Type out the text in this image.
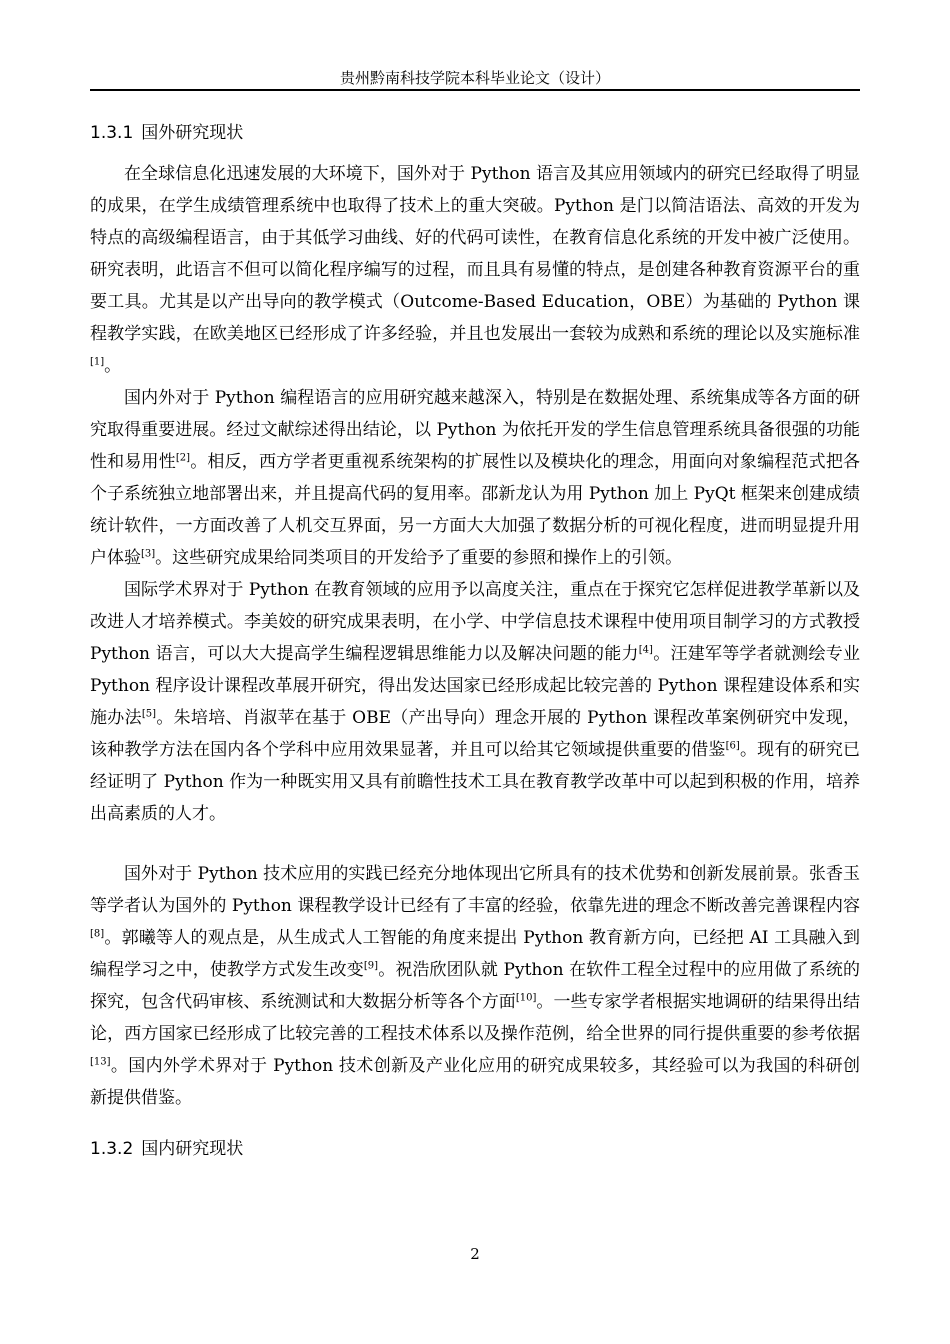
贵州黔南科技学院本科毕业论文（设计）
1.3.1 国外研究现状

在全球信息化迅速发展的大环境下，国外对于 Python 语言及其应用领域内的研究已经取得了明显的成果，在学生成绩管理系统中也取得了技术上的重大突破。Python 是门以简洁语法、高效的开发为特点的高级编程语言，由于其低学习曲线、好的代码可读性，在教育信息化系统的开发中被广泛使用。研究表明，此语言不但可以简化程序编写的过程，而且具有易懂的特点，是创建各种教育资源平台的重要工具。尤其是以产出导向的教学模式（Outcome-Based Education，OBE）为基础的 Python 课程教学实践，在欧美地区已经形成了许多经验，并且也发展出一套较为成熟和系统的理论以及实施标准[1]。

国内外对于 Python 编程语言的应用研究越来越深入，特别是在数据处理、系统集成等各方面的研究取得重要进展。经过文献综述得出结论，以 Python 为依托开发的学生信息管理系统具备很强的功能性和易用性[2]。相反，西方学者更重视系统架构的扩展性以及模块化的理念，用面向对象编程范式把各个子系统独立地部署出来，并且提高代码的复用率。邵新龙认为用 Python 加上 PyQt 框架来创建成绩统计软件，一方面改善了人机交互界面，另一方面大大加强了数据分析的可视化程度，进而明显提升用户体验[3]。这些研究成果给同类项目的开发给予了重要的参照和操作上的引领。

国际学术界对于 Python 在教育领域的应用予以高度关注，重点在于探究它怎样促进教学革新以及改进人才培养模式。李美姣的研究成果表明，在小学、中学信息技术课程中使用项目制学习的方式教授 Python 语言，可以大大提高学生编程逻辑思维能力以及解决问题的能力[4]。汪建军等学者就测绘专业 Python 程序设计课程改革展开研究，得出发达国家已经形成起比较完善的 Python 课程建设体系和实施办法[5]。朱培培、肖淑苹在基于 OBE（产出导向）理念开展的 Python 课程改革案例研究中发现，该种教学方法在国内各个学科中应用效果显著，并且可以给其它领域提供重要的借鉴[6]。现有的研究已经证明了 Python 作为一种既实用又具有前瞻性技术工具在教育教学改革中可以起到积极的作用，培养出高素质的人才。

国外对于 Python 技术应用的实践已经充分地体现出它所具有的技术优势和创新发展前景。张香玉等学者认为国外的 Python 课程教学设计已经有了丰富的经验，依靠先进的理念不断改善完善课程内容[8]。郭曦等人的观点是，从生成式人工智能的角度来提出 Python 教育新方向，已经把 AI 工具融入到编程学习之中，使教学方式发生改变[9]。祝浩欣团队就 Python 在软件工程全过程中的应用做了系统的探究，包含代码审核、系统测试和大数据分析等各个方面[10]。一些专家学者根据实地调研的结果得出结论，西方国家已经形成了比较完善的工程技术体系以及操作范例，给全世界的同行提供重要的参考依据[13]。国内外学术界对于 Python 技术创新及产业化应用的研究成果较多，其经验可以为我国的科研创新提供借鉴。

1.3.2 国内研究现状
2
